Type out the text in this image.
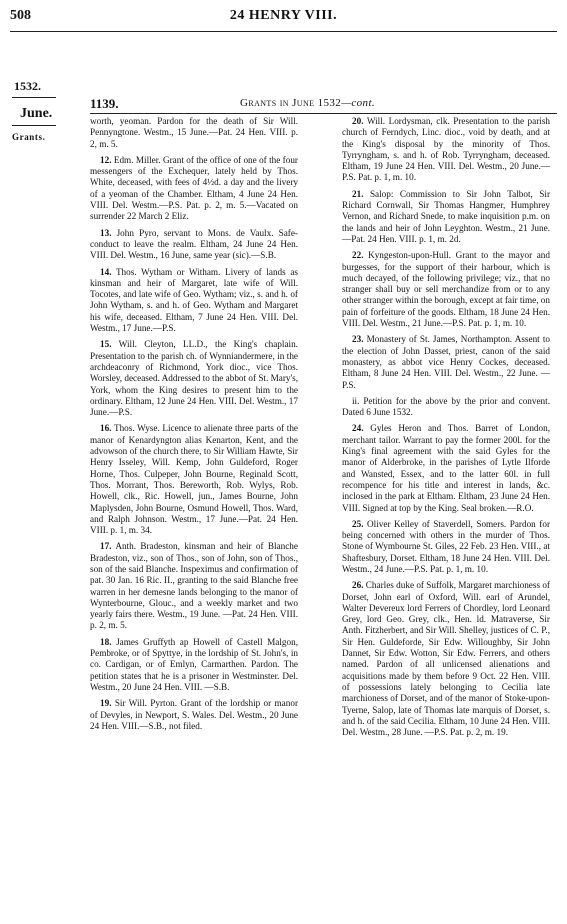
508	24 HENRY VIII.
1532.
June.
Grants.
1139.	Grants in June 1532—cont.

worth, yeoman. Pardon for the death of Sir Will. Pennyngtone. Westm., 15 June.—Pat. 24 Hen. VIII. p. 2, m. 5.

12. Edm. Miller. Grant of the office of one of the four messengers of the Exchequer, lately held by Thos. White, deceased, with fees of 4½d. a day and the livery of a yeoman of the Chamber. Eltham, 4 June 24 Hen. VIII. Del. Westm.—P.S. Pat. p. 2, m. 5.—Vacated on surrender 22 March 2 Eliz.

13. John Pyro, servant to Mons. de Vaulx. Safe-conduct to leave the realm. Eltham, 24 June 24 Hen. VIII. Del. Westm., 16 June, same year (sic).—S.B.

14. Thos. Wytham or Witham. Livery of lands as kinsman and heir of Margaret, late wife of Will. Tocotes, and late wife of Geo. Wytham; viz., s. and h. of John Wytham, s. and h. of Geo. Wytham and Margaret his wife, deceased. Eltham, 7 June 24 Hen. VIII. Del. Westm., 17 June.—P.S.

15. Will. Cleyton, LL.D., the King's chaplain. Presentation to the parish ch. of Wynniandermere, in the archdeaconry of Richmond, York dioc., vice Thos. Worsley, deceased. Addressed to the abbot of St. Mary's, York, whom the King desires to present him to the ordinary. Eltham, 12 June 24 Hen. VIII. Del. Westm., 17 June.—P.S.

16. Thos. Wyse. Licence to alienate three parts of the manor of Kenardyngton alias Kenarton, Kent, and the advowson of the church there, to Sir William Hawte, Sir Henry Isseley, Will. Kemp, John Guldeford, Roger Horne, Thos. Culpeper, John Bourne, Reginald Scott, Thos. Morrant, Thos. Bereworth, Rob. Wylys, Rob. Howell, clk., Ric. Howell, jun., James Bourne, John Maplysden, John Bourne, Osmund Howell, Thos. Ward, and Ralph Johnson. Westm., 17 June.—Pat. 24 Hen. VIII. p. 1, m. 34.

17. Anth. Bradeston, kinsman and heir of Blanche Bradeston, viz., son of Thos., son of John, son of Thos., son of the said Blanche. Inspeximus and confirmation of pat. 30 Jan. 16 Ric. II., granting to the said Blanche free warren in her demesne lands belonging to the manor of Wynterbourne, Glouc., and a weekly market and two yearly fairs there. Westm., 19 June. —Pat. 24 Hen. VIII. p. 2, m. 5.

18. James Gruffyth ap Howell of Castell Malgon, Pembroke, or of Spyttye, in the lordship of St. John's, in co. Cardigan, or of Emlyn, Carmarthen. Pardon. The petition states that he is a prisoner in Westminster. Del. Westm., 20 June 24 Hen. VIII. —S.B.

19. Sir Will. Pyrton. Grant of the lordship or manor of Devyles, in Newport, S. Wales. Del. Westm., 20 June 24 Hen. VIII.—S.B., not filed.

20. Will. Lordysman, clk. Presentation to the parish church of Ferndych, Linc. dioc., void by death, and at the King's disposal by the minority of Thos. Tyrryngham, s. and h. of Rob. Tyrryngham, deceased. Eltham, 19 June 24 Hen. VIII. Del. Westm., 20 June.—P.S. Pat. p. 1, m. 10.

21. Salop: Commission to Sir John Talbot, Sir Richard Cornwall, Sir Thomas Hangmer, Humphrey Vernon, and Richard Snede, to make inquisition p.m. on the lands and heir of John Leyghton. Westm., 21 June. —Pat. 24 Hen. VIII. p. 1, m. 2d.

22. Kyngeston-upon-Hull. Grant to the mayor and burgesses, for the support of their harbour, which is much decayed, of the following privilege; viz., that no stranger shall buy or sell merchandize from or to any other stranger within the borough, except at fair time, on pain of forfeiture of the goods. Eltham, 18 June 24 Hen. VIII. Del. Westm., 21 June.—P.S. Pat. p. 1, m. 10.

23. Monastery of St. James, Northampton. Assent to the election of John Dasset, priest, canon of the said monastery, as abbot vice Henry Cockes, deceased. Eltham, 8 June 24 Hen. VIII. Del. Westm., 22 June. —P.S.

ii. Petition for the above by the prior and convent. Dated 6 June 1532.

24. Gyles Heron and Thos. Barret of London, merchant tailor. Warrant to pay the former 200l. for the King's final agreement with the said Gyles for the manor of Alderbroke, in the parishes of Lytle Ilforde and Wansted, Essex, and to the latter 60l. in full recompence for his title and interest in lands, &c. inclosed in the park at Eltham. Eltham, 23 June 24 Hen. VIII. Signed at top by the King. Seal broken.—R.O.

25. Oliver Kelley of Staverdell, Somers. Pardon for being concerned with others in the murder of Thos. Stone of Wymbourne St. Giles, 22 Feb. 23 Hen. VIII., at Shaftesbury, Dorset. Eltham, 18 June 24 Hen. VIII. Del. Westm., 24 June.—P.S. Pat. p. 1, m. 10.

26. Charles duke of Suffolk, Margaret marchioness of Dorset, John earl of Oxford, Will. earl of Arundel, Walter Devereux lord Ferrers of Chordley, lord Leonard Grey, lord Geo. Grey, clk., Hen. ld. Matraverse, Sir Anth. Fitzherbert, and Sir Will. Shelley, justices of C. P., Sir Hen. Guldeforde, Sir Edw. Willoughby, Sir John Dannet, Sir Edw. Wotton, Sir Edw. Ferrers, and others named. Pardon of all unlicensed alienations and acquisitions made by them before 9 Oct. 22 Hen. VIII. of possessions lately belonging to Cecilia late marchioness of Dorset, and of the manor of Stoke-upon-Tyerne, Salop, late of Thomas late marquis of Dorset, s. and h. of the said Cecilia. Eltham, 10 June 24 Hen. VIII. Del. Westm., 28 June. —P.S. Pat. p. 2, m. 19.
